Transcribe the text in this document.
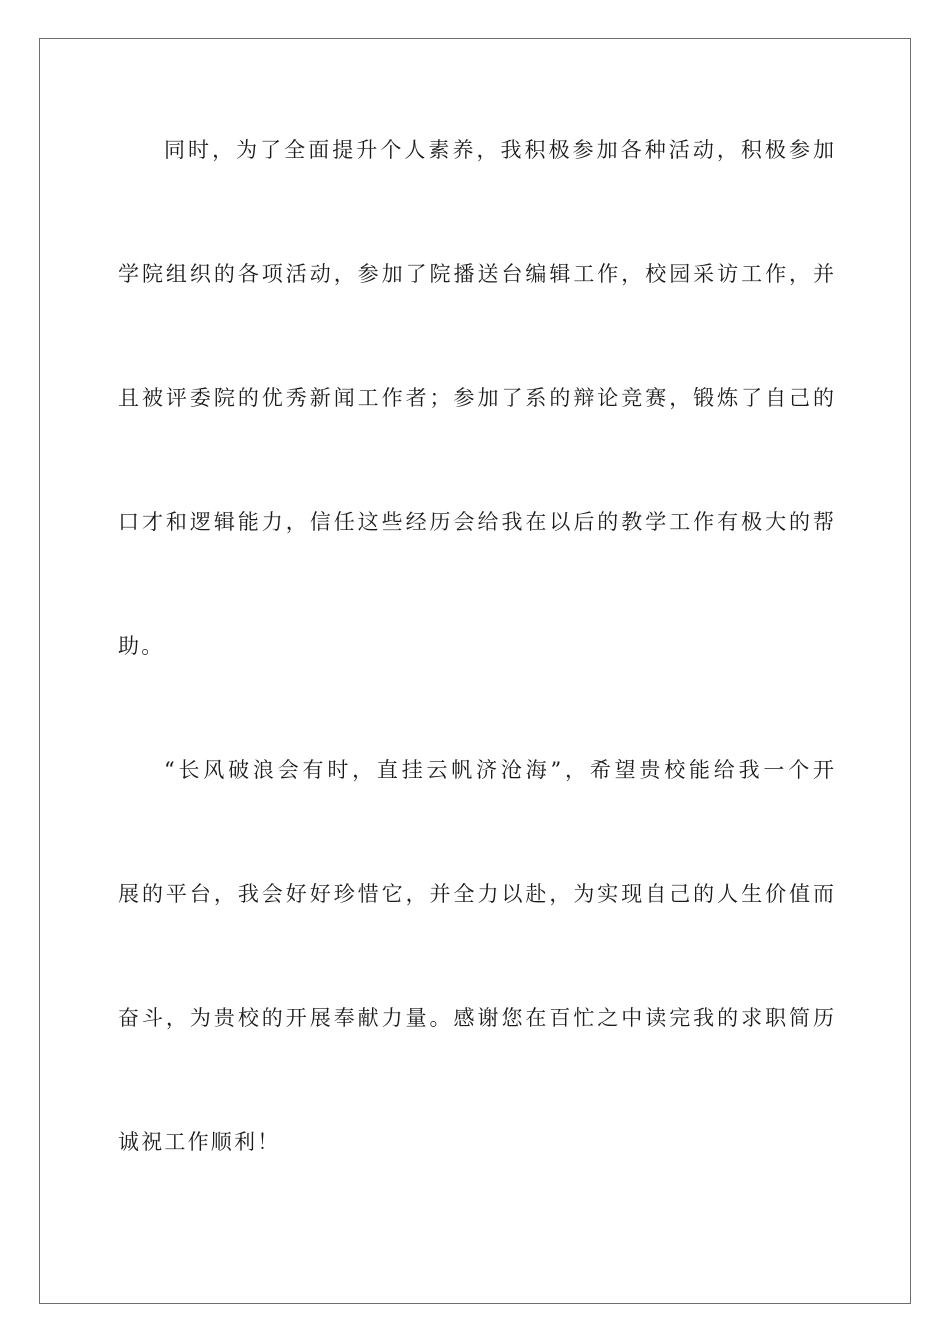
同时，为了全面提升个人素养，我积极参加各种活动，积极参加
学院组织的各项活动，参加了院播送台编辑工作，校园采访工作，并
且被评委院的优秀新闻工作者；参加了系的辩论竞赛，锻炼了自己的
口才和逻辑能力，信任这些经历会给我在以后的教学工作有极大的帮
助。
“长风破浪会有时，直挂云帆济沧海”，希望贵校能给我一个开
展的平台，我会好好珍惜它，并全力以赴，为实现自己的人生价值而
奋斗，为贵校的开展奉献力量。感谢您在百忙之中读完我的求职简历
诚祝工作顺利！
